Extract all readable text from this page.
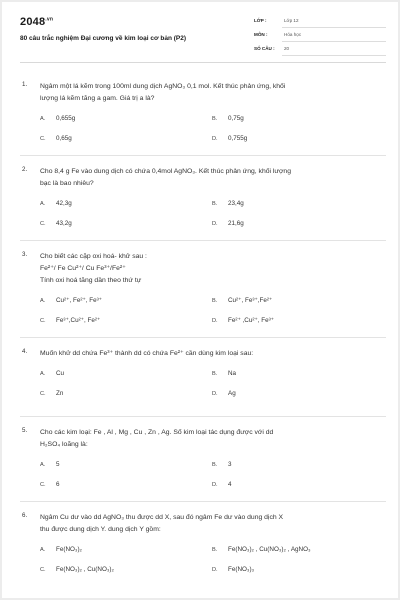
$2048^{.vn}$
80 câu trắc nghiệm Đại cương về kim loại cơ bản (P2)
LỚP :	Lớp 12
MÔN :	Hóa học
SỐ CÂU : 20
1. Ngâm một lá kẽm trong 100ml dung dịch AgNO₃ 0,1 mol. Kết thúc phản ứng, khối
lượng lá kẽm tăng a gam. Giá trị a là?
A. 0,655g	B. 0,75g
C. 0,65g	D. 0,755g
2. Cho 8,4 g Fe vào dung dịch có chứa 0,4mol AgNO₃. Kết thúc phản ứng, khối lượng
bạc là bao nhiêu?
A. 42,3g	B. 23,4g
C. 43,2g	D. 21,6g
3. Cho biết các cặp oxi hoá- khử sau :
Fe²⁺/ Fe Cu²⁺/ Cu Fe³⁺/Fe²⁺
Tính oxi hoá tăng dần theo thứ tự
A. Cu²⁺, Fe²⁺, Fe³⁺	B. Cu²⁺, Fe³⁺,Fe²⁺
C. Fe³⁺,Cu²⁺, Fe²⁺	D. Fe²⁺ ,Cu²⁺, Fe³⁺
4. Muốn khử dd chứa Fe³⁺ thành dd có chứa Fe²⁺ cần dùng kim loại sau:
A. Cu	B. Na
C. Zn	D. Ag
5. Cho các kim loại: Fe , Al , Mg , Cu , Zn , Ag. Số kim loại tác dụng được với dd
H₂SO₄ loãng là:
A. 5	B. 3
C. 6	D. 4
6. Ngâm Cu dư vào dd AgNO₃ thu được dd X, sau đó ngâm Fe dư vào dung dịch X
thu được dung dịch Y. dung dịch Y gồm:
A. Fe(NO₃)₂	B. Fe(NO₃)₂ , Cu(NO₃)₂ , AgNO₃
C. Fe(NO₃)₂ , Cu(NO₃)₂	D. Fe(NO₃)₃
